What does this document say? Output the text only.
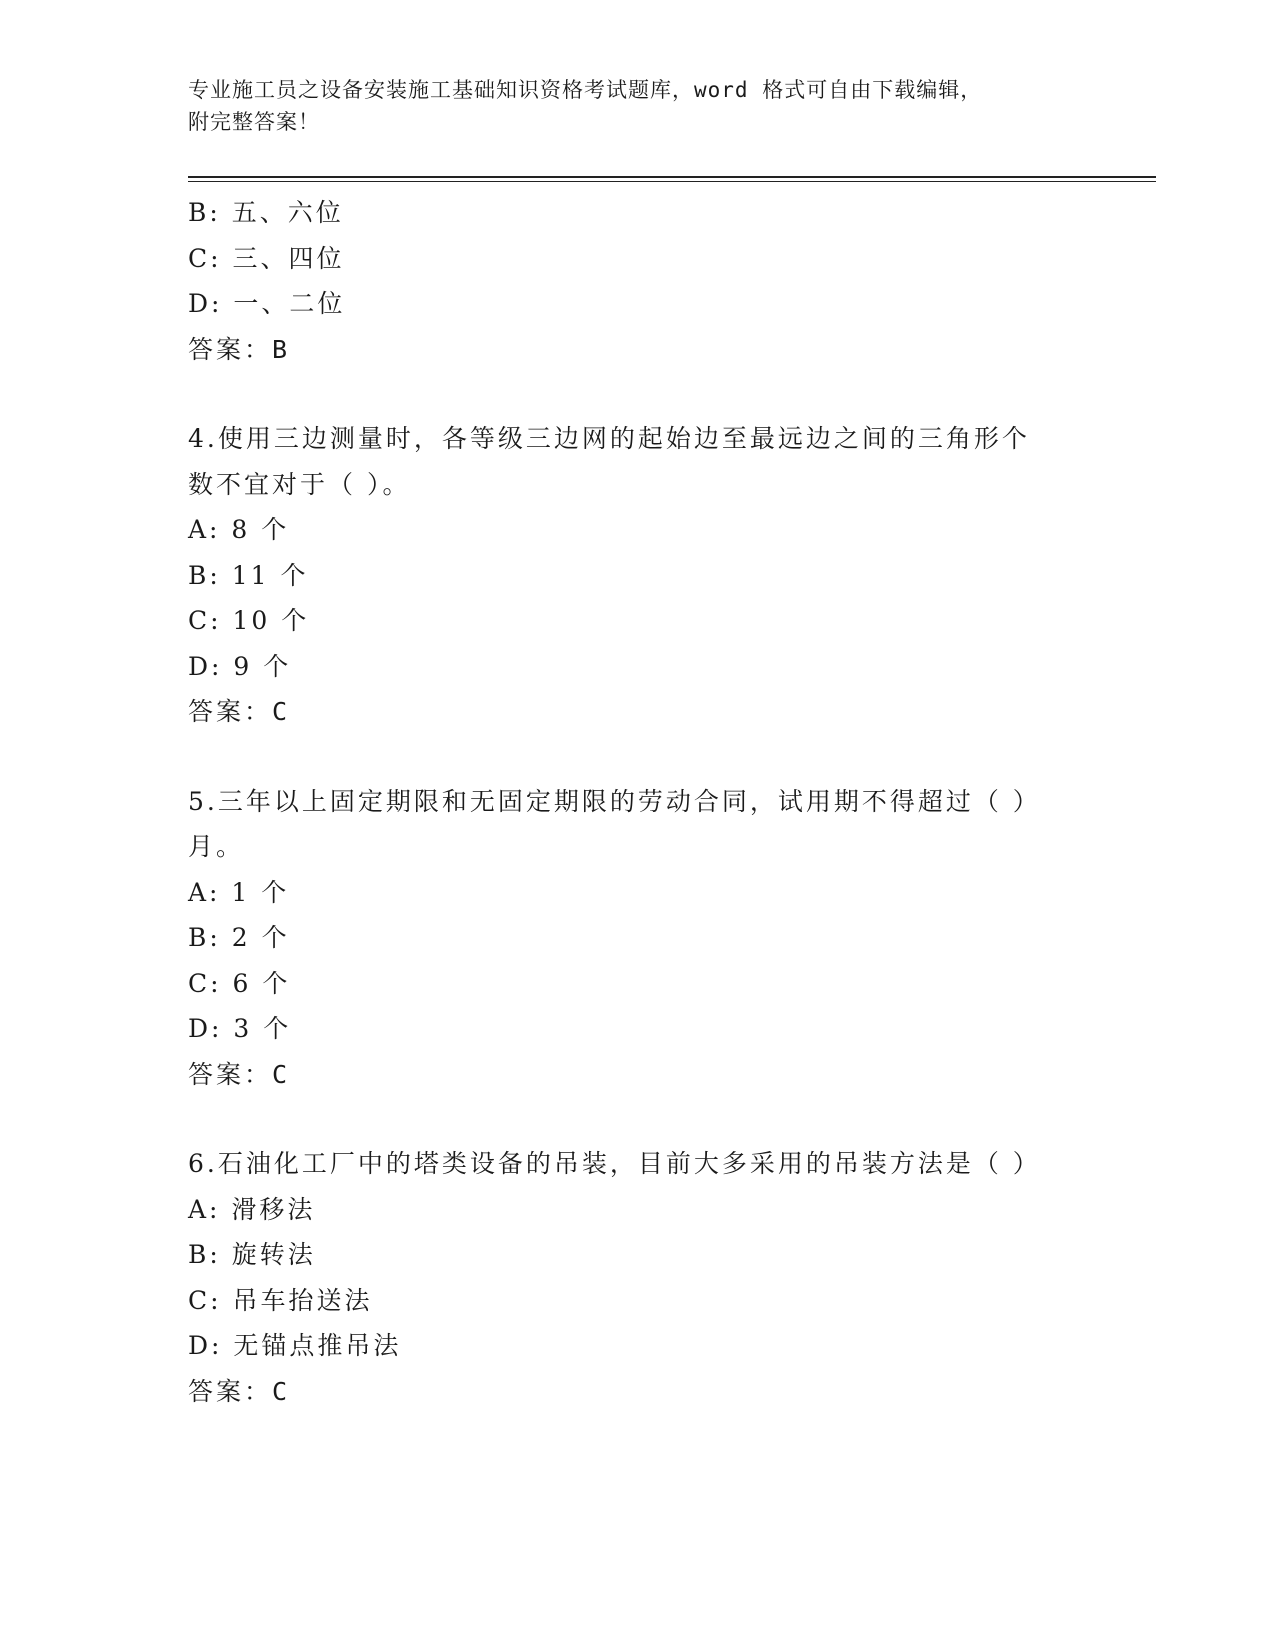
专业施工员之设备安装施工基础知识资格考试题库，word 格式可自由下载编辑，
附完整答案！
B: 五、六位
C: 三、四位
D: 一、二位
答案：B
4.使用三边测量时，各等级三边网的起始边至最远边之间的三角形个
数不宜对于（ ）。
A: 8 个
B: 11 个
C: 10 个
D: 9 个
答案：C
5.三年以上固定期限和无固定期限的劳动合同，试用期不得超过（ ）
月。
A: 1 个
B: 2 个
C: 6 个
D: 3 个
答案：C
6.石油化工厂中的塔类设备的吊装，目前大多采用的吊装方法是（ ）
A: 滑移法
B: 旋转法
C: 吊车抬送法
D: 无锚点推吊法
答案：C
